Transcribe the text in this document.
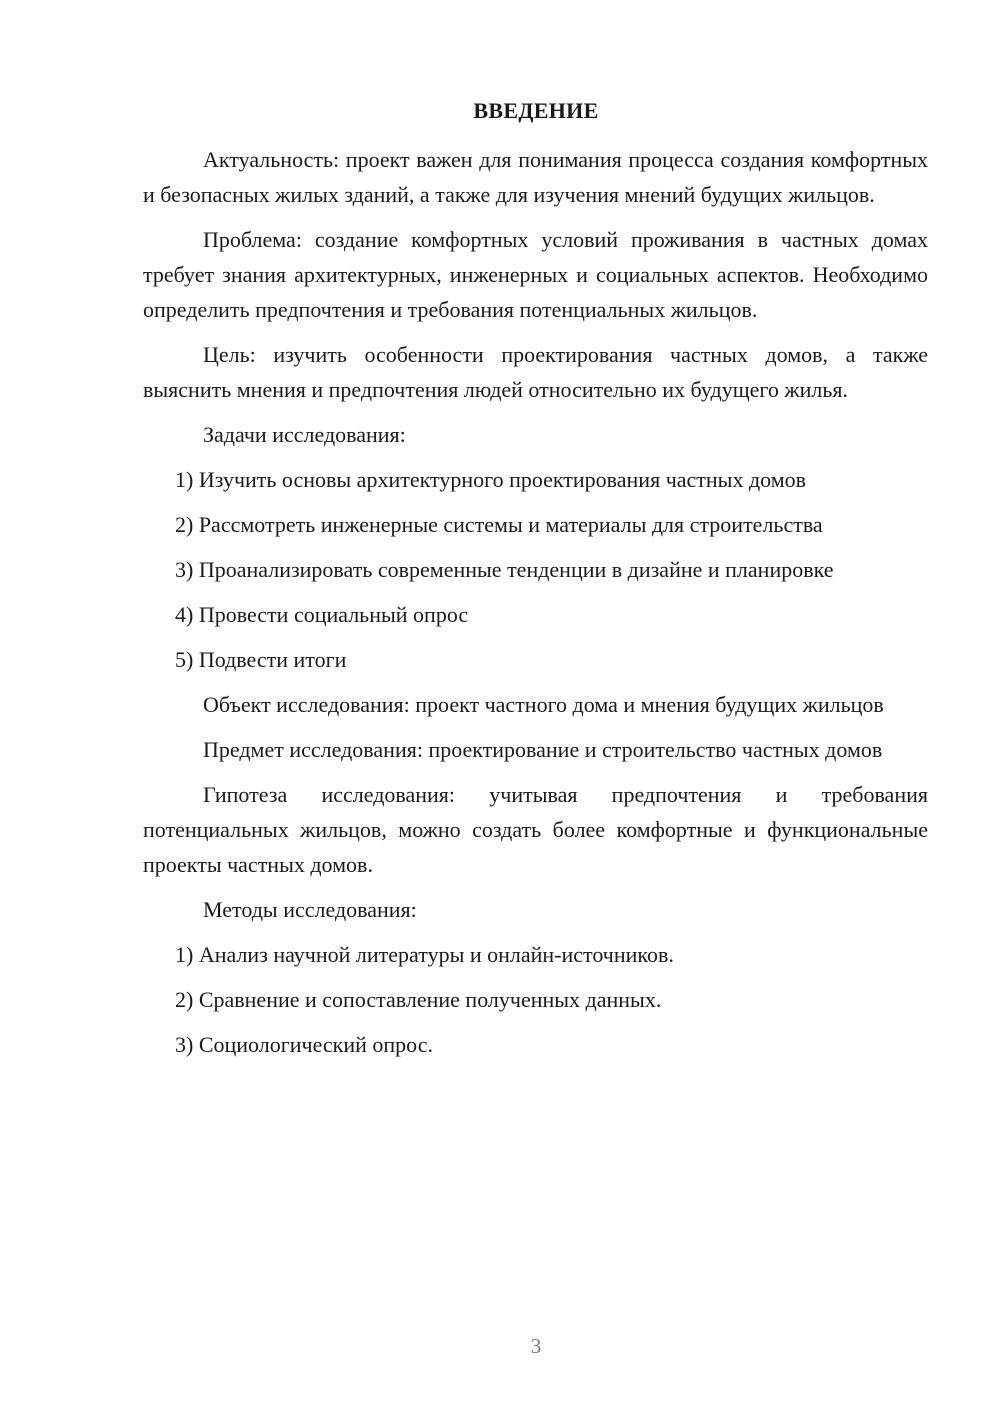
ВВЕДЕНИЕ

Актуальность: проект важен для понимания процесса создания комфортных и безопасных жилых зданий, а также для изучения мнений будущих жильцов.

Проблема: создание комфортных условий проживания в частных домах требует знания архитектурных, инженерных и социальных аспектов. Необходимо определить предпочтения и требования потенциальных жильцов.

Цель: изучить особенности проектирования частных домов, а также выяснить мнения и предпочтения людей относительно их будущего жилья.

Задачи исследования:

1) Изучить основы архитектурного проектирования частных домов
2) Рассмотреть инженерные системы и материалы для строительства
3) Проанализировать современные тенденции в дизайне и планировке
4) Провести социальный опрос
5) Подвести итоги

Объект исследования: проект частного дома и мнения будущих жильцов

Предмет исследования: проектирование и строительство частных домов

Гипотеза исследования: учитывая предпочтения и требования потенциальных жильцов, можно создать более комфортные и функциональные проекты частных домов.

Методы исследования:

1) Анализ научной литературы и онлайн-источников.
2) Сравнение и сопоставление полученных данных.
3) Социологический опрос.
3
